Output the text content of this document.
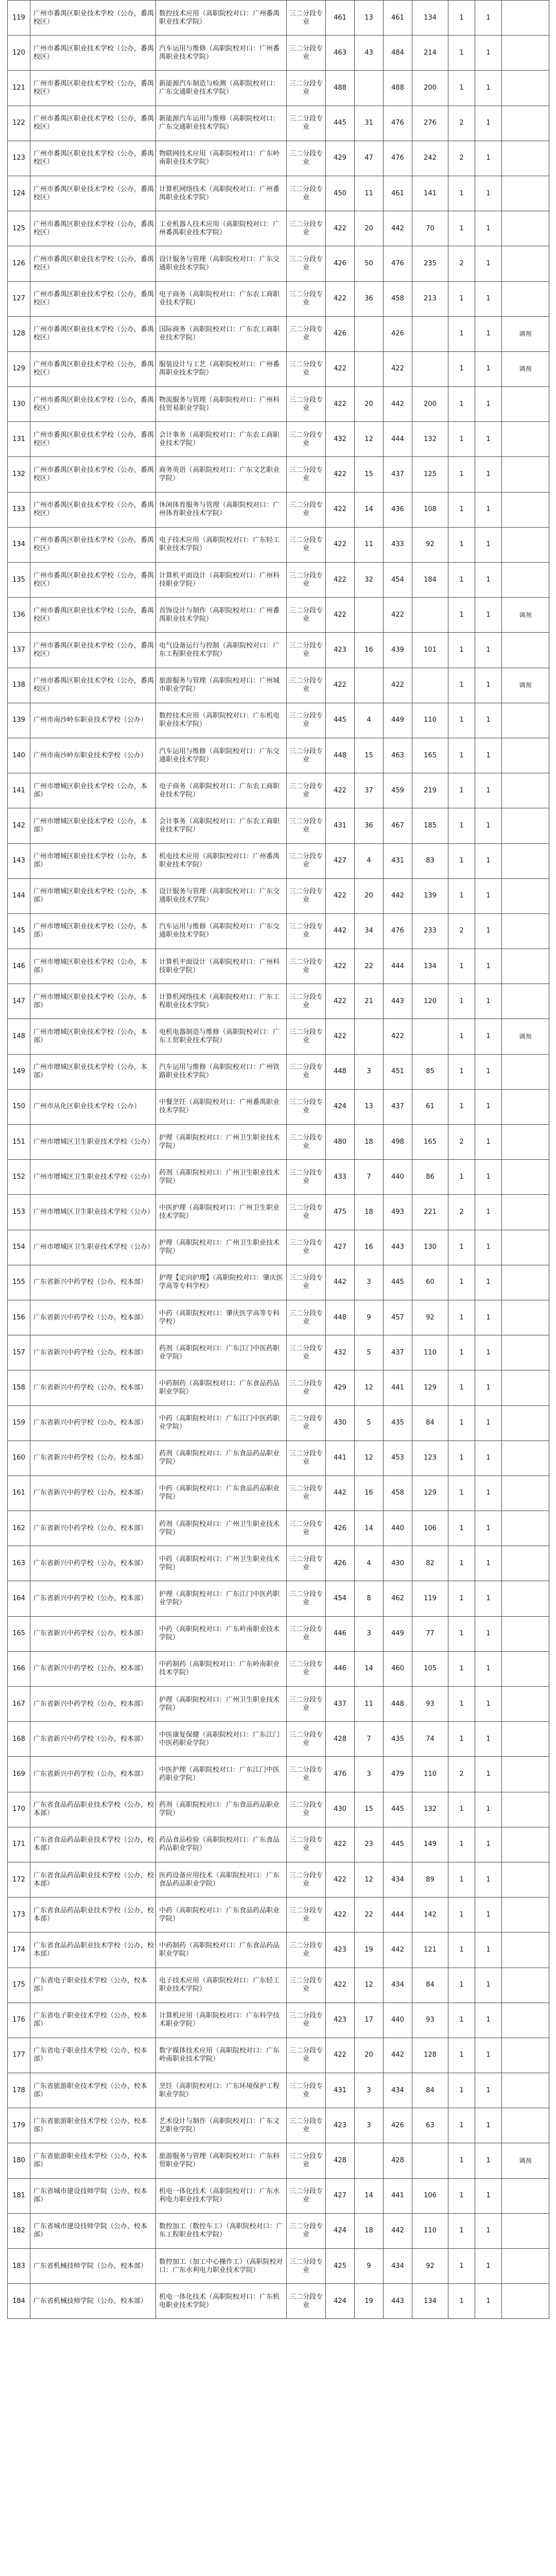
119	广州市番禺区职业技术学校（公办，番禺校区）	数控技术应用（高职院校对口：广州番禺职业技术学院）	三二分段专业	461	13	461	134	1	1	
120	广州市番禺区职业技术学校（公办，番禺校区）	汽车运用与维修（高职院校对口：广州番禺职业技术学院）	三二分段专业	463	43	484	214	1	1	
121	广州市番禺区职业技术学校（公办，番禺校区）	新能源汽车制造与检测（高职院校对口：广东交通职业技术学院）	三二分段专业	488		488	200	1	1	
122	广州市番禺区职业技术学校（公办，番禺校区）	新能源汽车运用与维修（高职院校对口：广东交通职业技术学院）	三二分段专业	445	31	476	276	2	1	
123	广州市番禺区职业技术学校（公办，番禺校区）	物联网技术应用（高职院校对口：广东岭南职业技术学院）	三二分段专业	429	47	476	242	2	1	
124	广州市番禺区职业技术学校（公办，番禺校区）	计算机网络技术（高职院校对口：广州番禺职业技术学院）	三二分段专业	450	11	461	141	1	1	
125	广州市番禺区职业技术学校（公办，番禺校区）	工业机器人技术应用（高职院校对口：广州番禺职业技术学院）	三二分段专业	422	20	442	70	1	1	
126	广州市番禺区职业技术学校（公办，番禺校区）	设计服务与管理（高职院校对口：广东交通职业技术学院）	三二分段专业	426	50	476	235	2	1	
127	广州市番禺区职业技术学校（公办，番禺校区）	电子商务（高职院校对口：广东农工商职业技术学院）	三二分段专业	422	36	458	213	1	1	
128	广州市番禺区职业技术学校（公办，番禺校区）	国际商务（高职院校对口：广东农工商职业技术学院）	三二分段专业	426		426		1	1	调剂
129	广州市番禺区职业技术学校（公办，番禺校区）	服装设计与工艺（高职院校对口：广州番禺职业技术学院）	三二分段专业	422		422		1	1	调剂
130	广州市番禺区职业技术学校（公办，番禺校区）	物流服务与管理（高职院校对口：广州科技贸易职业学院）	三二分段专业	422	20	442	200	1	1	
131	广州市番禺区职业技术学校（公办，番禺校区）	会计事务（高职院校对口：广东农工商职业技术学院）	三二分段专业	432	12	444	132	1	1	
132	广州市番禺区职业技术学校（公办，番禺校区）	商务英语（高职院校对口：广东文艺职业学院）	三二分段专业	422	15	437	125	1	1	
133	广州市番禺区职业技术学校（公办，番禺校区）	休闲体育服务与管理（高职院校对口：广州体育职业技术学院）	三二分段专业	422	14	436	108	1	1	
134	广州市番禺区职业技术学校（公办，番禺校区）	电子技术应用（高职院校对口：广东轻工职业技术学院）	三二分段专业	422	11	433	92	1	1	
135	广州市番禺区职业技术学校（公办，番禺校区）	计算机平面设计（高职院校对口：广州科技职业学院）	三二分段专业	422	32	454	184	1	1	
136	广州市番禺区职业技术学校（公办，番禺校区）	首饰设计与制作（高职院校对口：广州番禺职业技术学院）	三二分段专业	422		422		1	1	调剂
137	广州市番禺区职业技术学校（公办，番禺校区）	电气设备运行与控制（高职院校对口：广东工程职业技术学院）	三二分段专业	423	16	439	101	1	1	
138	广州市番禺区职业技术学校（公办，番禺校区）	旅游服务与管理（高职院校对口：广州城市职业学院）	三二分段专业	422		422		1	1	调剂
139	广州市南沙岭东职业技术学校（公办）	数控技术应用（高职院校对口：广东机电职业技术学院）	三二分段专业	445	4	449	110	1	1	
140	广州市南沙岭东职业技术学校（公办）	汽车运用与维修（高职院校对口：广东交通职业技术学院）	三二分段专业	448	15	463	165	1	1	
141	广州市增城区职业技术学校（公办，本部）	电子商务（高职院校对口：广东农工商职业技术学院）	三二分段专业	422	37	459	219	1	1	
142	广州市增城区职业技术学校（公办，本部）	会计事务（高职院校对口：广东农工商职业技术学院）	三二分段专业	431	36	467	185	1	1	
143	广州市增城区职业技术学校（公办，本部）	机电技术应用（高职院校对口：广州番禺职业技术学院）	三二分段专业	427	4	431	83	1	1	
144	广州市增城区职业技术学校（公办，本部）	设计服务与管理（高职院校对口：广东交通职业技术学院）	三二分段专业	422	20	442	139	1	1	
145	广州市增城区职业技术学校（公办，本部）	汽车运用与维修（高职院校对口：广东交通职业技术学院）	三二分段专业	442	34	476	233	2	1	
146	广州市增城区职业技术学校（公办，本部）	计算机平面设计（高职院校对口：广州科技职业学院）	三二分段专业	422	22	444	134	1	1	
147	广州市增城区职业技术学校（公办，本部）	计算机网络技术（高职院校对口：广东工程职业技术学院）	三二分段专业	422	21	443	120	1	1	
148	广州市增城区职业技术学校（公办，本部）	电机电器制造与维修（高职院校对口：广东工贸职业技术学院）	三二分段专业	422		422		1	1	调剂
149	广州市增城区职业技术学校（公办，本部）	汽车运用与维修（高职院校对口：广州铁路职业技术学院）	三二分段专业	448	3	451	85	1	1	
150	广州市从化区职业技术学校（公办）	中餐烹饪（高职院校对口：广州番禺职业技术学院）	三二分段专业	424	13	437	61	1	1	
151	广州市增城区卫生职业技术学校（公办）	护理（高职院校对口：广州卫生职业技术学院）	三二分段专业	480	18	498	165	2	1	
152	广州市增城区卫生职业技术学校（公办）	药剂（高职院校对口：广州卫生职业技术学院）	三二分段专业	433	7	440	86	1	1	
153	广州市增城区卫生职业技术学校（公办）	中医护理（高职院校对口：广州卫生职业技术学院）	三二分段专业	475	18	493	221	2	1	
154	广州市增城区卫生职业技术学校（公办）	护理（高职院校对口：广州卫生职业技术学院）	三二分段专业	427	16	443	130	1	1	
155	广东省新兴中药学校（公办，校本部）	护理【定向护理】（高职院校对口：肇庆医学高等专科学校）	三二分段专业	442	3	445	60	1	1	
156	广东省新兴中药学校（公办，校本部）	中药（高职院校对口：肇庆医学高等专科学校）	三二分段专业	448	9	457	92	1	1	
157	广东省新兴中药学校（公办，校本部）	药剂（高职院校对口：广东江门中医药职业学院）	三二分段专业	432	5	437	110	1	1	
158	广东省新兴中药学校（公办，校本部）	中药制药（高职院校对口：广东食品药品职业学院）	三二分段专业	429	12	441	129	1	1	
159	广东省新兴中药学校（公办，校本部）	中药（高职院校对口：广东江门中医药职业学院）	三二分段专业	430	5	435	84	1	1	
160	广东省新兴中药学校（公办，校本部）	药剂（高职院校对口：广东食品药品职业学院）	三二分段专业	441	12	453	123	1	1	
161	广东省新兴中药学校（公办，校本部）	中药（高职院校对口：广东食品药品职业学院）	三二分段专业	442	16	458	129	1	1	
162	广东省新兴中药学校（公办，校本部）	药剂（高职院校对口：广州卫生职业技术学院）	三二分段专业	426	14	440	106	1	1	
163	广东省新兴中药学校（公办，校本部）	中药（高职院校对口：广州卫生职业技术学院）	三二分段专业	426	4	430	82	1	1	
164	广东省新兴中药学校（公办，校本部）	护理（高职院校对口：广东江门中医药职业学院）	三二分段专业	454	8	462	119	1	1	
165	广东省新兴中药学校（公办，校本部）	中药（高职院校对口：广东岭南职业技术学院）	三二分段专业	446	3	449	77	1	1	
166	广东省新兴中药学校（公办，校本部）	中药制药（高职院校对口：广东岭南职业技术学院）	三二分段专业	446	14	460	105	1	1	
167	广东省新兴中药学校（公办，校本部）	护理（高职院校对口：广州卫生职业技术学院）	三二分段专业	437	11	448	93	1	1	
168	广东省新兴中药学校（公办，校本部）	中医康复保健（高职院校对口：广东江门中医药职业学院）	三二分段专业	428	7	435	74	1	1	
169	广东省新兴中药学校（公办，校本部）	中医护理（高职院校对口：广东江门中医药职业学院）	三二分段专业	476	3	479	110	2	1	
170	广东省食品药品职业技术学校（公办，校本部）	药剂（高职院校对口：广东食品药品职业学院）	三二分段专业	430	15	445	132	1	1	
171	广东省食品药品职业技术学校（公办，校本部）	药品食品检验（高职院校对口：广东食品药品职业学院）	三二分段专业	422	23	445	149	1	1	
172	广东省食品药品职业技术学校（公办，校本部）	医药设备应用技术（高职院校对口：广东食品药品职业学院）	三二分段专业	422	12	434	89	1	1	
173	广东省食品药品职业技术学校（公办，校本部）	中药（高职院校对口：广东食品药品职业学院）	三二分段专业	422	22	444	142	1	1	
174	广东省食品药品职业技术学校（公办，校本部）	中药制药（高职院校对口：广东食品药品职业学院）	三二分段专业	423	19	442	121	1	1	
175	广东省电子职业技术学校（公办，校本部）	电子技术应用（高职院校对口：广东轻工职业技术学院）	三二分段专业	422	12	434	84	1	1	
176	广东省电子职业技术学校（公办，校本部）	计算机应用（高职院校对口：广东科学技术职业学院）	三二分段专业	423	17	440	93	1	1	
177	广东省电子职业技术学校（公办，校本部）	数字媒体技术应用（高职院校对口：广东岭南职业技术学院）	三二分段专业	422	20	442	128	1	1	
178	广东省旅游职业技术学校（公办，校本部）	烹饪（高职院校对口：广东环境保护工程职业学院）	三二分段专业	431	3	434	84	1	1	
179	广东省旅游职业技术学校（公办，校本部）	艺术设计与制作（高职院校对口：广东文艺职业学院）	三二分段专业	423	3	426	63	1	1	
180	广东省旅游职业技术学校（公办，校本部）	旅游服务与管理（高职院校对口：广东科贸职业学院）	三二分段专业	428		428		1	1	调剂
181	广东省城市建设技师学院（公办，校本部）	机电一体化技术（高职院校对口：广东水利电力职业技术学院）	三二分段专业	427	14	441	106	1	1	
182	广东省城市建设技师学院（公办，校本部）	数控加工（数控车工）（高职院校对口：广东工程职业技术学院）	三二分段专业	424	18	442	110	1	1	
183	广东省机械技师学院（公办，校本部）	数控加工（加工中心操作工）（高职院校对口：广东水利电力职业技术学院）	三二分段专业	425	9	434	92	1	1	
184	广东省机械技师学院（公办，校本部）	机电一体化技术（高职院校对口：广东机电职业技术学院）	三二分段专业	424	19	443	134	1	1	
